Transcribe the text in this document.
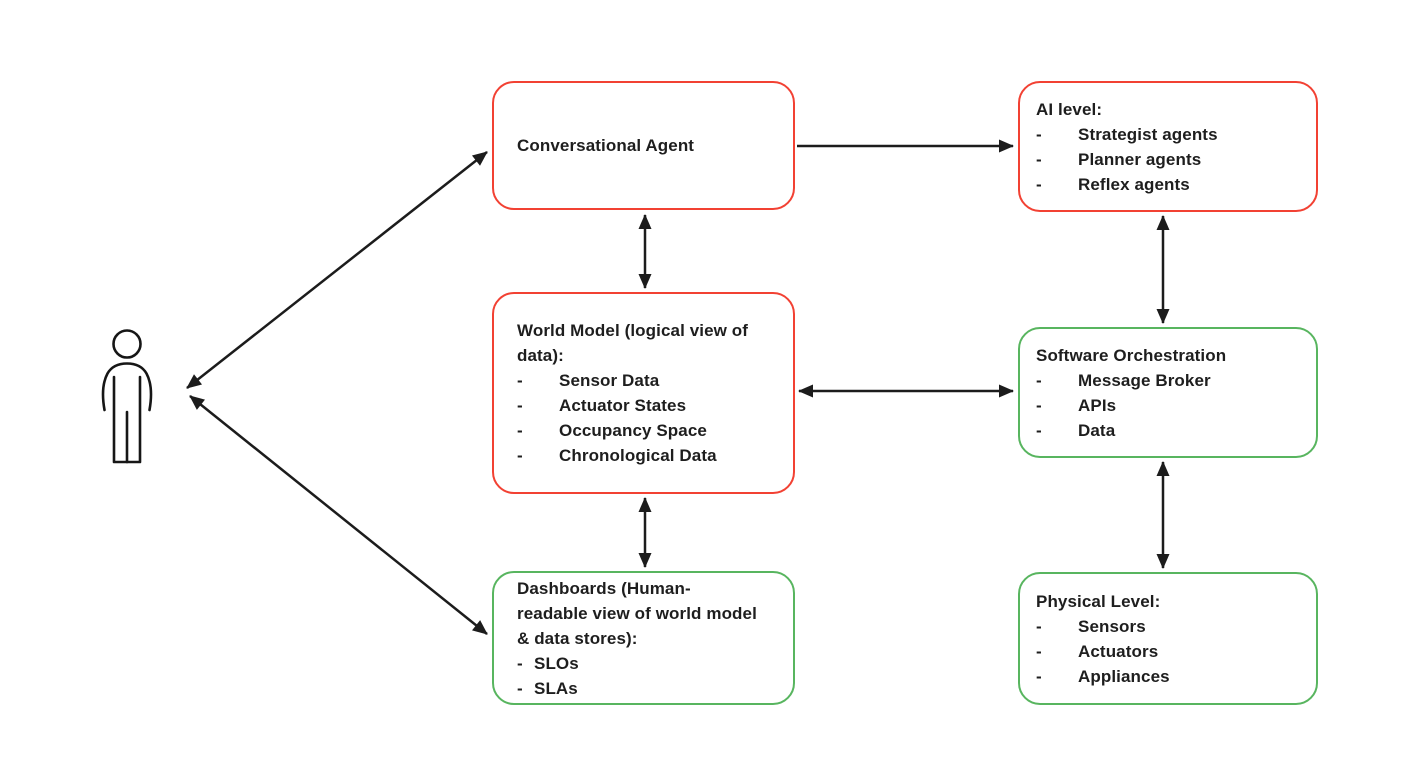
Conversational Agent
AI level:
-	Strategist agents
-	Planner agents
-	Reflex agents
World Model (logical view of
data):
-	Sensor Data
-	Actuator States
-	Occupancy Space
-	Chronological Data
Software Orchestration
-	Message Broker
-	APIs
-	Data
Dashboards (Human-
readable view of world model
& data stores):
- SLOs
- SLAs
Physical Level:
-	Sensors
-	Actuators
-	Appliances
